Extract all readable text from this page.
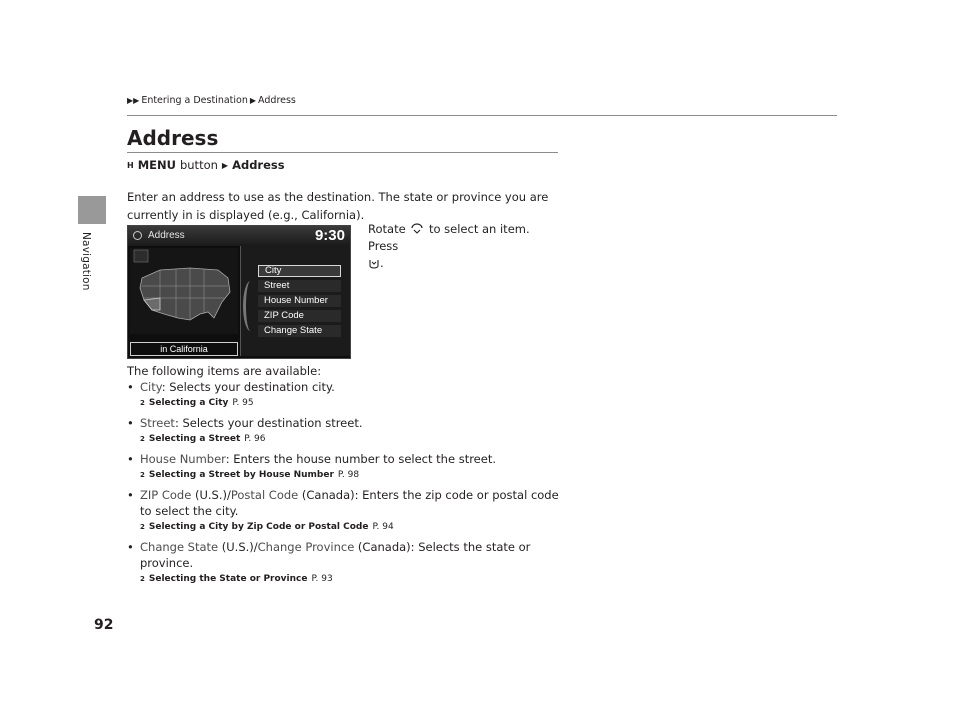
Navigation
▶▶ Entering a Destination ▶ Address
Address
H MENU button ▶ Address
Enter an address to use as the destination. The state or province you are currently in is displayed (e.g., California).
Address	9:30
in California
City
Street
House Number
ZIP Code
Change State
Rotate to select an item. Press
.
The following items are available:
• City: Selects your destination city.
2 Selecting a City P. 95
• Street: Selects your destination street.
2 Selecting a Street P. 96
• House Number: Enters the house number to select the street.
2 Selecting a Street by House Number P. 98
• ZIP Code (U.S.)/Postal Code (Canada): Enters the zip code or postal code to select the city.
2 Selecting a City by Zip Code or Postal Code P. 94
• Change State (U.S.)/Change Province (Canada): Selects the state or province.
2 Selecting the State or Province P. 93
92
